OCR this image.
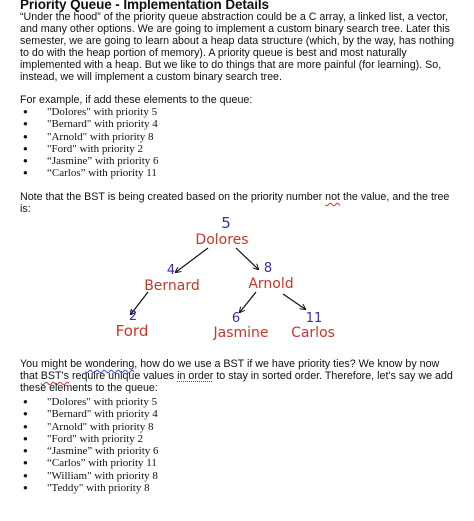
Priority Queue - Implementation Details

“Under the hood” of the priority queue abstraction could be a C array, a linked list, a vector, and many other options. We are going to implement a custom binary search tree. Later this semester, we are going to learn about a heap data structure (which, by the way, has nothing to do with the heap portion of memory). A priority queue is best and most naturally implemented with a heap. But we like to do things that are more painful (for learning). So, instead, we will implement a custom binary search tree.

For example, if add these elements to the queue:

● "Dolores" with priority 5
● "Bernard" with priority 4
● "Arnold" with priority 8
● "Ford" with priority 2
● “Jasmine” with priority 6
● “Carlos” with priority 11

Note that the BST is being created based on the priority number not the value, and the tree is:

5
Dolores
4
Bernard
8
Arnold
2
Ford
6
Jasmine
11
Carlos

You might be wondering, how do we use a BST if we have priority ties? We know by now that BST's require unique values in order to stay in sorted order. Therefore, let's say we add these elements to the queue:

● "Dolores" with priority 5
● "Bernard" with priority 4
● "Arnold" with priority 8
● "Ford" with priority 2
● “Jasmine” with priority 6
● “Carlos” with priority 11
● "William" with priority 8
● "Teddy" with priority 8
